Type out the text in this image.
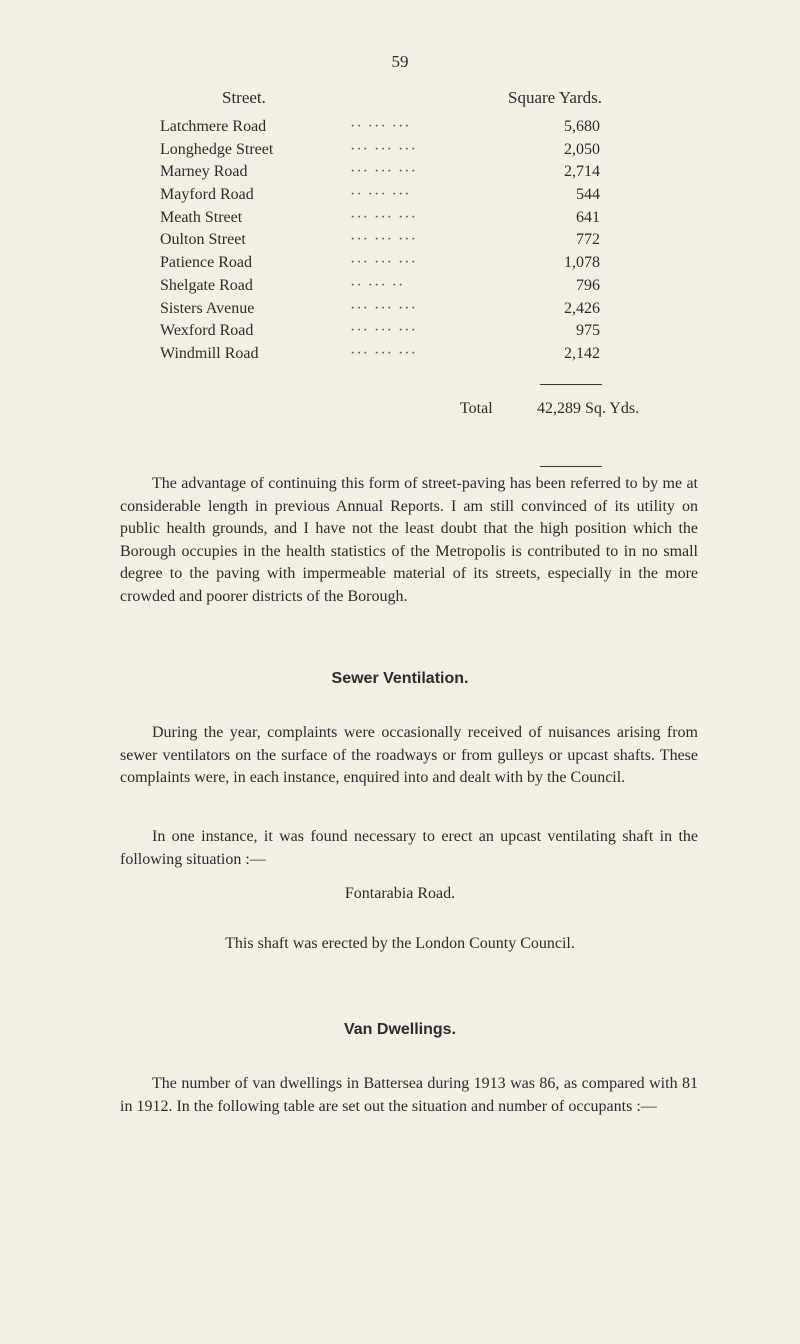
59
Street.	Square Yards.
Latchmere Road	·· ··· ···	5,680
Longhedge Street	··· ··· ···	2,050
Marney Road	··· ··· ···	2,714
Mayford Road	·· ··· ···	544
Meath Street	··· ··· ···	641
Oulton Street	··· ··· ···	772
Patience Road	··· ··· ···	1,078
Shelgate Road	·· ··· ··	796
Sisters Avenue	··· ··· ···	2,426
Wexford Road	··· ··· ···	975
Windmill Road	··· ··· ···	2,142
Total	42,289 Sq. Yds.
The advantage of continuing this form of street-paving has been referred to by me at considerable length in previous Annual Reports. I am still convinced of its utility on public health grounds, and I have not the least doubt that the high position which the Borough occupies in the health statistics of the Metropolis is contributed to in no small degree to the paving with impermeable material of its streets, especially in the more crowded and poorer districts of the Borough.
Sewer Ventilation.
During the year, complaints were occasionally received of nuisances arising from sewer ventilators on the surface of the roadways or from gulleys or upcast shafts. These complaints were, in each instance, enquired into and dealt with by the Council.
In one instance, it was found necessary to erect an upcast ventilating shaft in the following situation :—
Fontarabia Road.
This shaft was erected by the London County Council.
Van Dwellings.
The number of van dwellings in Battersea during 1913 was 86, as compared with 81 in 1912. In the following table are set out the situation and number of occupants :—
